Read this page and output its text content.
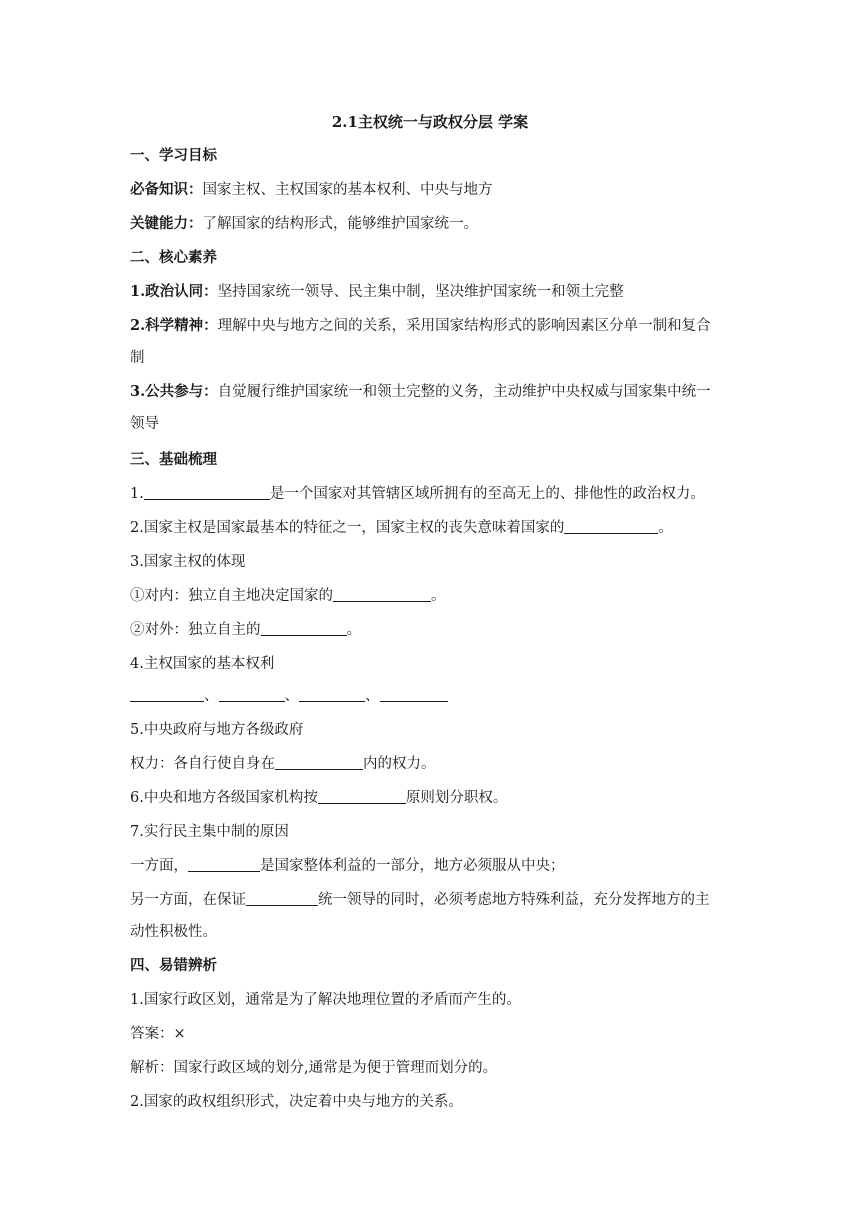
2.1主权统一与政权分层 学案
一、学习目标
必备知识：国家主权、主权国家的基本权利、中央与地方
关键能力：了解国家的结构形式，能够维护国家统一。
二、核心素养
1.政治认同：坚持国家统一领导、民主集中制，坚决维护国家统一和领土完整
2.科学精神：理解中央与地方之间的关系，采用国家结构形式的影响因素区分单一制和复合
制
3.公共参与：自觉履行维护国家统一和领土完整的义务，主动维护中央权威与国家集中统一
领导
三、基础梳理
1.	是一个国家对其管辖区域所拥有的至高无上的、排他性的政治权力。
2.国家主权是国家最基本的特征之一，国家主权的丧失意味着国家的	。
3.国家主权的体现
①对内：独立自主地决定国家的	。
②对外：独立自主的	。
4.主权国家的基本权利
、	、	、
5.中央政府与地方各级政府
权力：各自行使自身在	内的权力。
6.中央和地方各级国家机构按	原则划分职权。
7.实行民主集中制的原因
一方面，	是国家整体利益的一部分，地方必须服从中央；
另一方面，在保证	统一领导的同时，必须考虑地方特殊利益，充分发挥地方的主
动性积极性。
四、易错辨析
1.国家行政区划，通常是为了解决地理位置的矛盾而产生的。
答案：×
解析：国家行政区域的划分,通常是为便于管理而划分的。
2.国家的政权组织形式，决定着中央与地方的关系。
